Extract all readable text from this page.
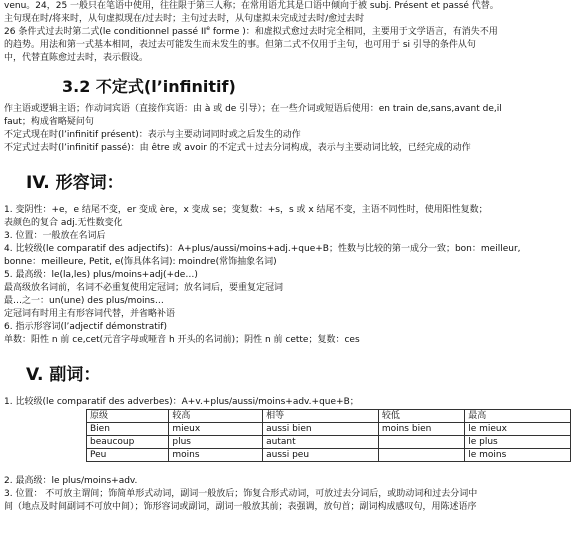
venu。24，25 一般只在笔语中使用，往往限于第三人称；在常用语尤其是口语中倾向于被 subj. Présent et passé 代替。
主句现在时/将来时，从句虚拟现在/过去时；主句过去时，从句虚拟未完成过去时/愈过去时
26 条件式过去时第二式(le conditionnel passé IIe forme )：和虚拟式愈过去时完全相同，主要用于文学语言，有消失不用
的趋势。用法和第一式基本相同，表过去可能发生而未发生的事。但第二式不仅用于主句，也可用于 si 引导的条件从句
中，代替直陈愈过去时，表示假设。
3.2 不定式(l’infinitif)
作主语或逻辑主语；作动词宾语（直接作宾语：由 à 或 de 引导）；在一些介词或短语后使用：en train de,sans,avant de,il
faut；构成省略疑问句
不定式现在时(l’infinitif présent)：表示与主要动词同时或之后发生的动作
不定式过去时(l’infinitif passé)：由 être 或 avoir 的不定式＋过去分词构成，表示与主要动词比较，已经完成的动作
IV. 形容词：
1. 变阴性：+e，e 结尾不变，er 变成 ère，x 变成 se；变复数：+s，s 或 x 结尾不变，主语不同性时，使用阳性复数；
表颜色的复合 adj.无性数变化
3. 位置：一般放在名词后
4. 比较级(le comparatif des adjectifs)：A+plus/aussi/moins+adj.+que+B；性数与比较的第一成分一致；bon：meilleur,
bonne：meilleure, Petit, e(饰具体名词): moindre(常饰抽象名词)
5. 最高级：le(la,les) plus/moins+adj(+de…)
最高级放名词前，名词不必重复使用定冠词；放名词后，要重复定冠词
最…之一：un(une) des plus/moins…
定冠词有时用主有形容词代替，并省略补语
6. 指示形容词(l’adjectif démonstratif)
单数：阳性 n 前 ce,cet(元音字母或哑音 h 开头的名词前)；阴性 n 前 cette；复数：ces
V. 副词：
1. 比较级(le comparatif des adverbes)：A+v.+plus/aussi/moins+adv.+que+B；
原级	较高	相等	较低	最高
Bien	mieux	aussi bien	moins bien	le mieux
beaucoup	plus	autant		le plus
Peu	moins	aussi peu		le moins
2. 最高级：le plus/moins+adv.
3. 位置： 不可放主谓间；饰简单形式动词，副词一般放后；饰复合形式动词，可放过去分词后，或助动词和过去分词中
间（地点及时间副词不可放中间）；饰形容词或副词，副词一般放其前；表强调，放句首；副词构成感叹句，用陈述语序
